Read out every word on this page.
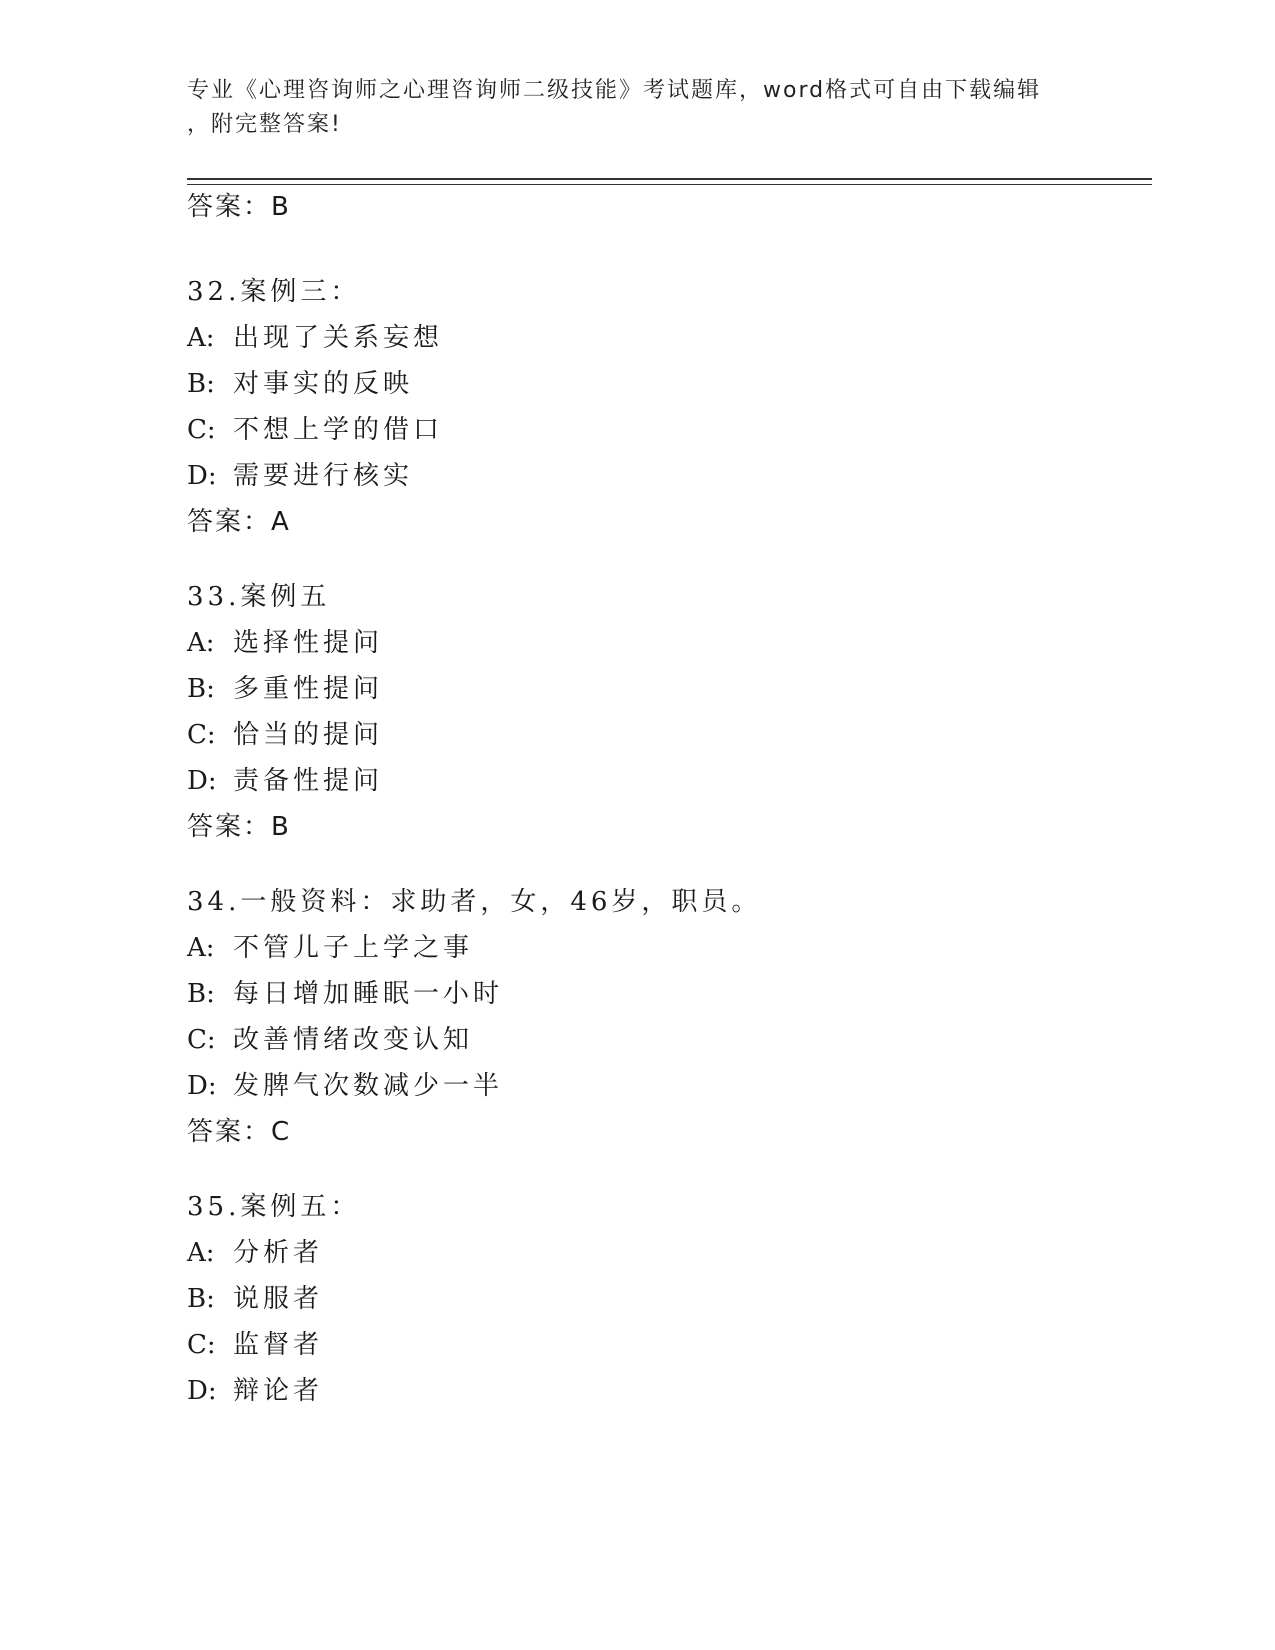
专业《心理咨询师之心理咨询师二级技能》考试题库，word格式可自由下载编辑
，附完整答案!
答案：B
32.案例三：
A: 出现了关系妄想
B: 对事实的反映
C: 不想上学的借口
D: 需要进行核实
答案：A
33.案例五
A: 选择性提问
B: 多重性提问
C: 恰当的提问
D: 责备性提问
答案：B
34.一般资料：求助者，女，46岁，职员。
A: 不管儿子上学之事
B: 每日增加睡眠一小时
C: 改善情绪改变认知
D: 发脾气次数减少一半
答案：C
35.案例五：
A: 分析者
B: 说服者
C: 监督者
D: 辩论者
